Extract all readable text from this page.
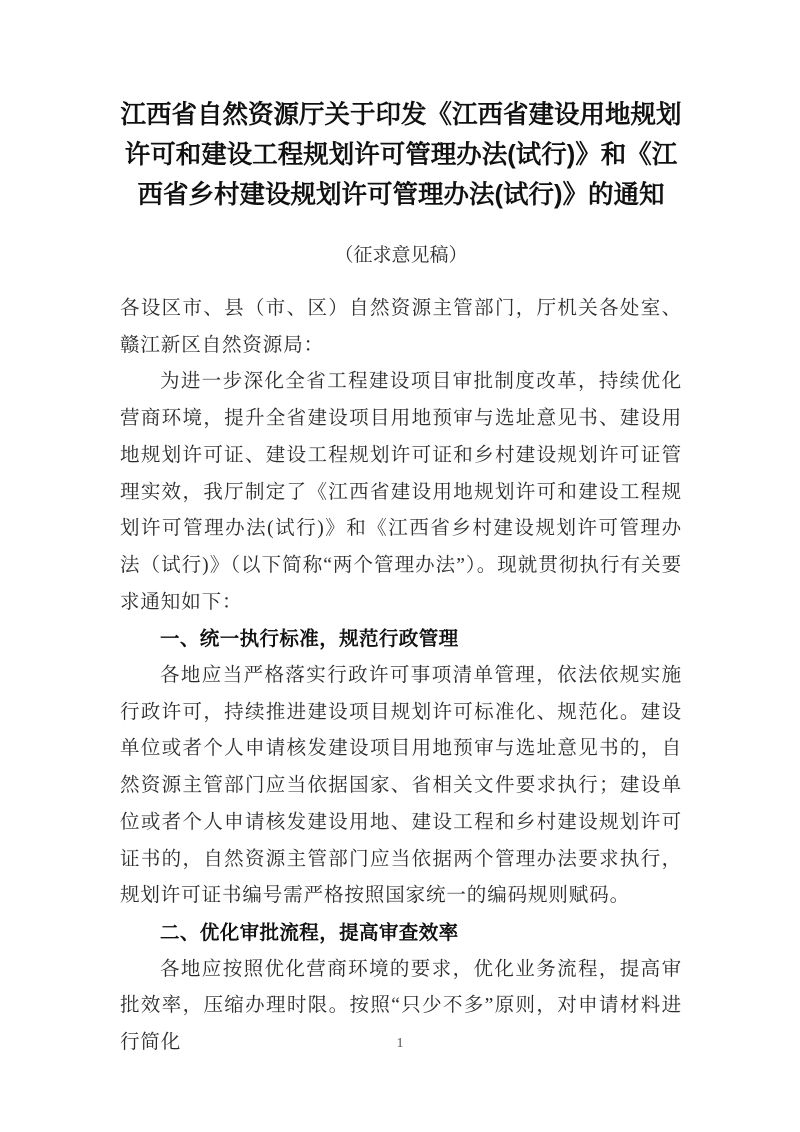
江西省自然资源厅关于印发《江西省建设用地规划许可和建设工程规划许可管理办法(试行)》和《江西省乡村建设规划许可管理办法(试行)》的通知
（征求意见稿）

各设区市、县（市、区）自然资源主管部门，厅机关各处室、赣江新区自然资源局：

为进一步深化全省工程建设项目审批制度改革，持续优化营商环境，提升全省建设项目用地预审与选址意见书、建设用地规划许可证、建设工程规划许可证和乡村建设规划许可证管理实效，我厅制定了《江西省建设用地规划许可和建设工程规划许可管理办法(试行)》和《江西省乡村建设规划许可管理办法（试行)》（以下简称“两个管理办法”）。现就贯彻执行有关要求通知如下：

一、统一执行标准，规范行政管理

各地应当严格落实行政许可事项清单管理，依法依规实施行政许可，持续推进建设项目规划许可标准化、规范化。建设单位或者个人申请核发建设项目用地预审与选址意见书的，自然资源主管部门应当依据国家、省相关文件要求执行；建设单位或者个人申请核发建设用地、建设工程和乡村建设规划许可证书的，自然资源主管部门应当依据两个管理办法要求执行，规划许可证书编号需严格按照国家统一的编码规则赋码。

二、优化审批流程，提高审查效率

各地应按照优化营商环境的要求，优化业务流程，提高审批效率，压缩办理时限。按照“只少不多”原则，对申请材料进行简化	1
